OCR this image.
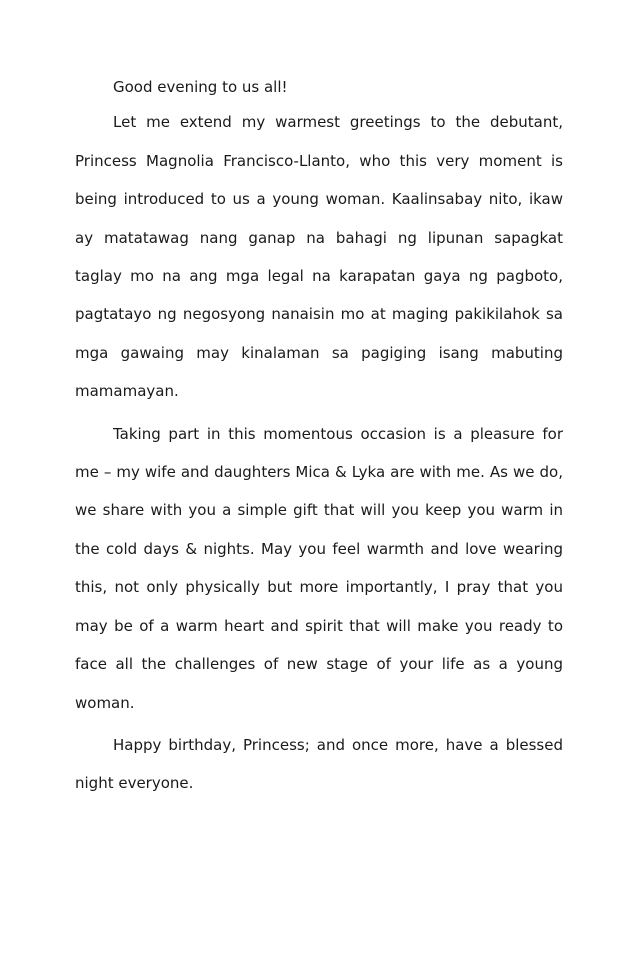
Good evening to us all!

Let me extend my warmest greetings to the debutant, Princess Magnolia Francisco-Llanto, who this very moment is being introduced to us a young woman. Kaalinsabay nito, ikaw ay matatawag nang ganap na bahagi ng lipunan sapagkat taglay mo na ang mga legal na karapatan gaya ng pagboto, pagtatayo ng negosyong nanaisin mo at maging pakikilahok sa mga gawaing may kinalaman sa pagiging isang mabuting mamamayan.

Taking part in this momentous occasion is a pleasure for me – my wife and daughters Mica & Lyka are with me. As we do, we share with you a simple gift that will you keep you warm in the cold days & nights. May you feel warmth and love wearing this, not only physically but more importantly, I pray that you may be of a warm heart and spirit that will make you ready to face all the challenges of new stage of your life as a young woman.

Happy birthday, Princess; and once more, have a blessed night everyone.
